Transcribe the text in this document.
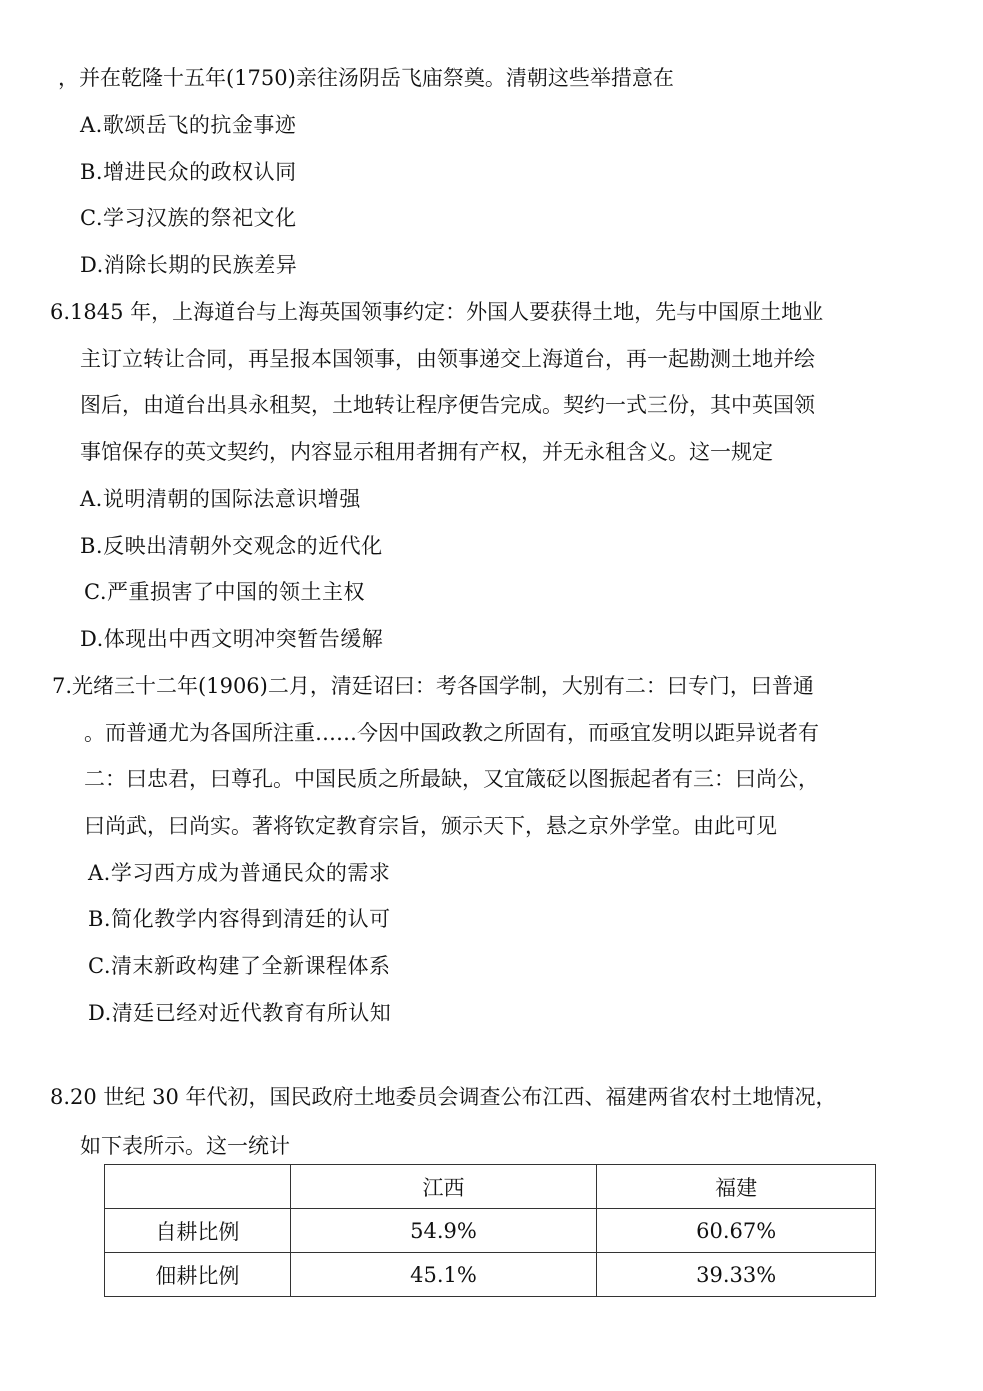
，并在乾隆十五年(1750)亲往汤阴岳飞庙祭奠。清朝这些举措意在
A.歌颂岳飞的抗金事迹
B.增进民众的政权认同
C.学习汉族的祭祀文化
D.消除长期的民族差异
6.1845 年，上海道台与上海英国领事约定：外国人要获得土地，先与中国原土地业
主订立转让合同，再呈报本国领事，由领事递交上海道台，再一起勘测土地并绘
图后，由道台出具永租契，土地转让程序便告完成。契约一式三份，其中英国领
事馆保存的英文契约，内容显示租用者拥有产权，并无永租含义。这一规定
A.说明清朝的国际法意识增强
B.反映出清朝外交观念的近代化
C.严重损害了中国的领土主权
D.体现出中西文明冲突暂告缓解
7.光绪三十二年(1906)二月，清廷诏曰：考各国学制，大别有二：曰专门，曰普通
。而普通尤为各国所注重……今因中国政教之所固有，而亟宜发明以距异说者有
二：曰忠君，曰尊孔。中国民质之所最缺，又宜箴砭以图振起者有三：曰尚公，
曰尚武，曰尚实。著将钦定教育宗旨，颁示天下，悬之京外学堂。由此可见
A.学习西方成为普通民众的需求
B.简化教学内容得到清廷的认可
C.清末新政构建了全新课程体系
D.清廷已经对近代教育有所认知
8.20 世纪 30 年代初，国民政府土地委员会调查公布江西、福建两省农村土地情况，
如下表所示。这一统计
	江西	福建
自耕比例	54.9%	60.67%
佃耕比例	45.1%	39.33%
